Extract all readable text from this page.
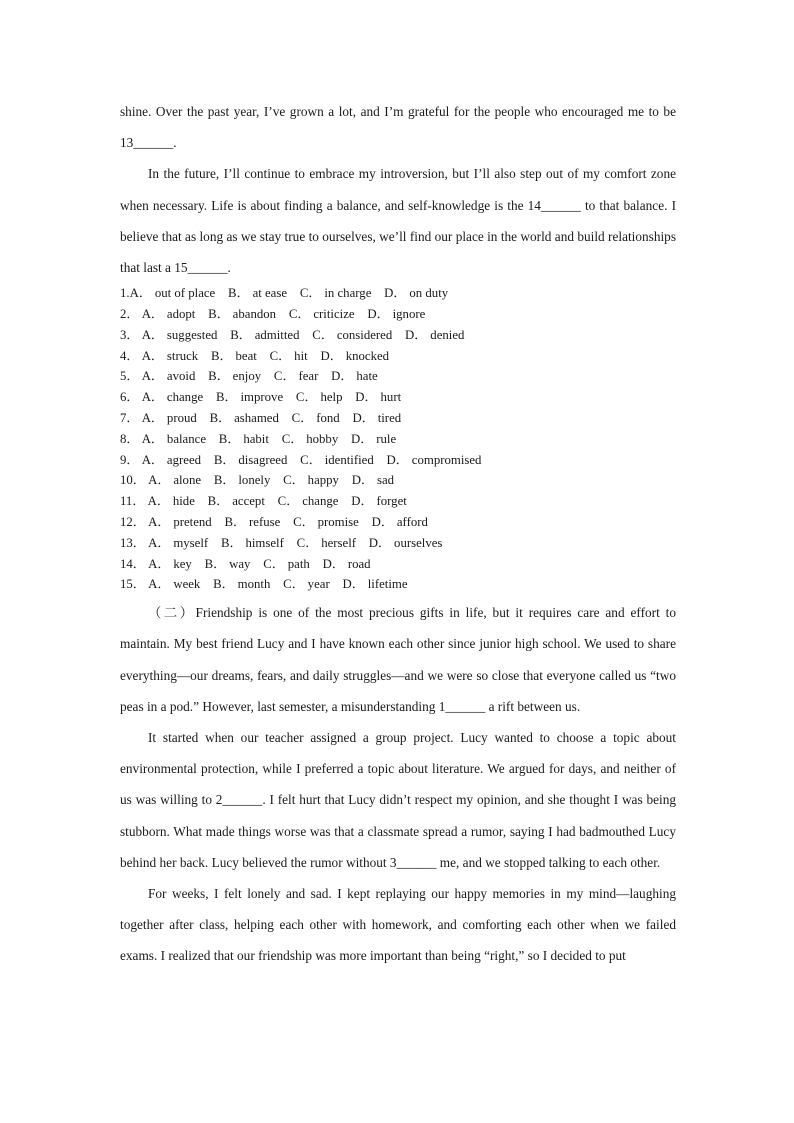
shine. Over the past year, I’ve grown a lot, and I’m grateful for the people who encouraged me to be 13______.

In the future, I’ll continue to embrace my introversion, but I’ll also step out of my comfort zone when necessary. Life is about finding a balance, and self-knowledge is the 14______ to that balance. I believe that as long as we stay true to ourselves, we’ll find our place in the world and build relationships that last a 15______.

1.A． out of place    B． at ease    C． in charge    D． on duty
2． A． adopt    B． abandon    C． criticize    D． ignore
3． A． suggested    B． admitted    C． considered    D． denied
4． A． struck    B． beat    C． hit    D． knocked
5． A． avoid    B． enjoy    C． fear    D． hate
6． A． change    B． improve    C． help    D． hurt
7． A． proud    B． ashamed    C． fond    D． tired
8． A． balance    B． habit    C． hobby    D． rule
9． A． agreed    B． disagreed    C． identified    D． compromised
10． A． alone    B． lonely    C． happy    D． sad
11． A． hide    B． accept    C． change    D． forget
12． A． pretend    B． refuse    C． promise    D． afford
13． A． myself    B． himself    C． herself    D． ourselves
14． A． key    B． way    C． path    D． road
15． A． week    B． month    C． year    D． lifetime

（二）Friendship is one of the most precious gifts in life, but it requires care and effort to maintain. My best friend Lucy and I have known each other since junior high school. We used to share everything—our dreams, fears, and daily struggles—and we were so close that everyone called us “two peas in a pod.” However, last semester, a misunderstanding 1______ a rift between us.

It started when our teacher assigned a group project. Lucy wanted to choose a topic about environmental protection, while I preferred a topic about literature. We argued for days, and neither of us was willing to 2______. I felt hurt that Lucy didn’t respect my opinion, and she thought I was being stubborn. What made things worse was that a classmate spread a rumor, saying I had badmouthed Lucy behind her back. Lucy believed the rumor without 3______ me, and we stopped talking to each other.

For weeks, I felt lonely and sad. I kept replaying our happy memories in my mind—laughing together after class, helping each other with homework, and comforting each other when we failed exams. I realized that our friendship was more important than being “right,” so I decided to put
